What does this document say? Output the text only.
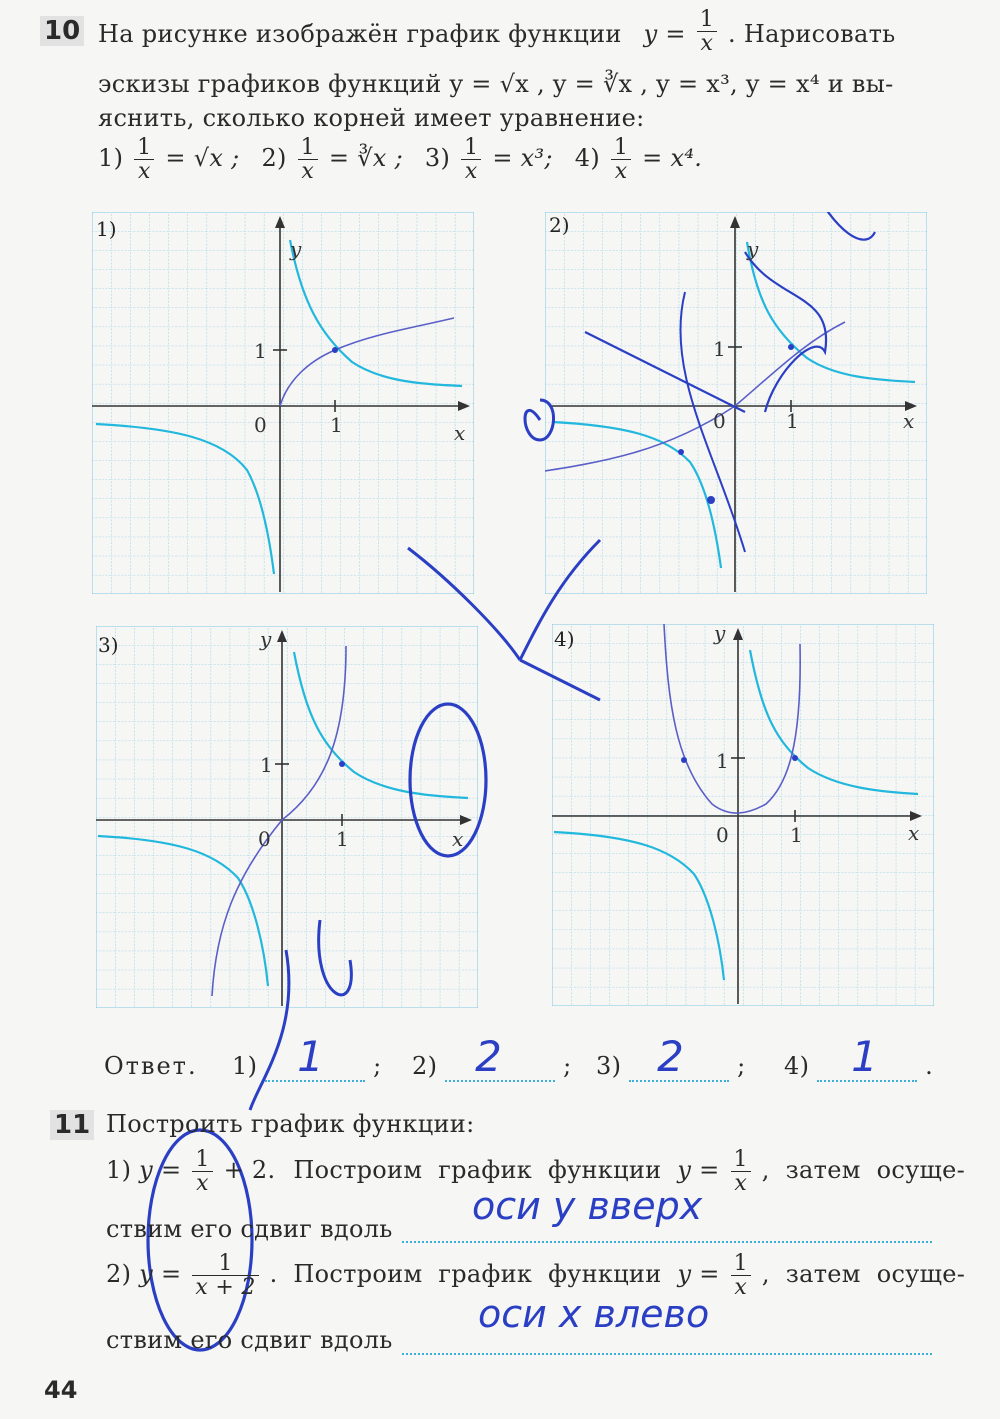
10 На рисунке изображён график функции $y = \frac{1}{x}$ . Нарисовать
эскизы графиков функций y = √x , y = ∛x , y = x³, y = x⁴ и вы-
яснить, сколько корней имеет уравнение:
$1) \frac{1}{x} = √x$ ; $2) \frac{1}{x}$ = ∛x ; $3) \frac{1}{x} = x^3$; $4) \frac{1}{x} = x^4$.
y
x
0
1
1
1)
y
x
0
1
1
2)
y
x
0
1
1
3)	y
x
0
1
1
4)
Ответ. 1) 1 ; 2) 2	; 3) 2 ; 4) 1 .
11 Построить график функции:
1) $y = \frac{1}{x} + 2$. Построим график функции $y = \frac{1}{x}$ , затем осуще-
ствим его сдвиг вдоль
оси y вверх
2) $y = \frac{1}{x + 2}$ . Построим график функции $y = \frac{1}{x}$ , затем осуще-
ствим его сдвиг вдоль
оси x влево
44
